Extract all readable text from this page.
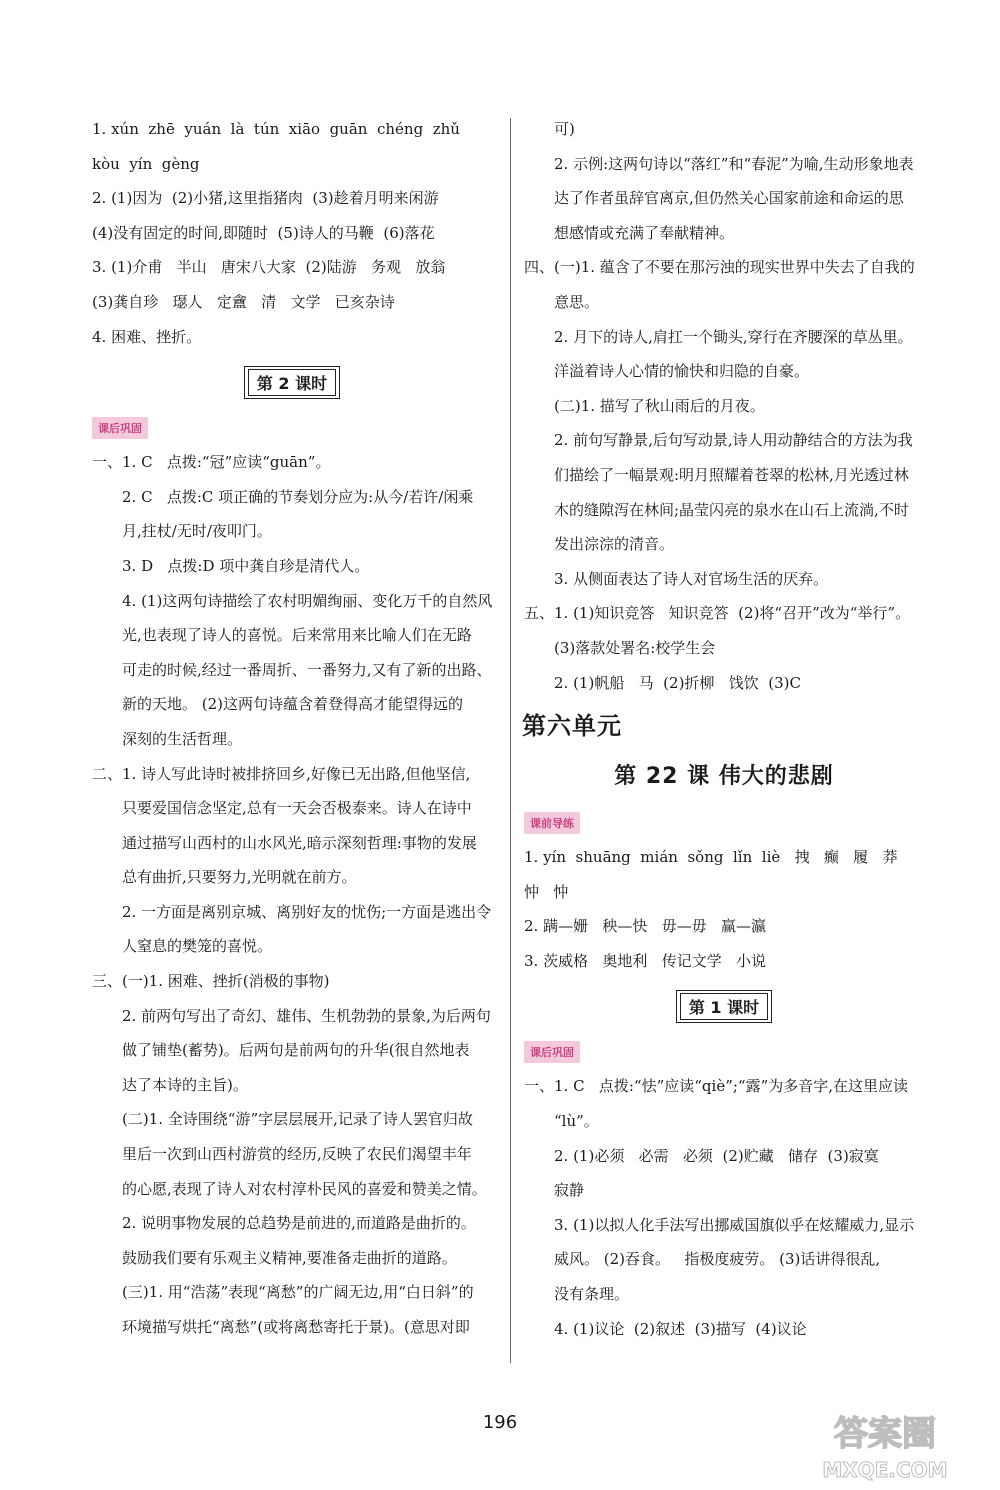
1. xún  zhē  yuán  là  tún  xiāo  guān  chéng  zhǔ
kòu  yín  gèng
2. (1)因为  (2)小猪,这里指猪肉  (3)趁着月明来闲游
(4)没有固定的时间,即随时  (5)诗人的马鞭  (6)落花
3. (1)介甫   半山   唐宋八大家  (2)陆游   务观   放翁
(3)龚自珍   璱人   定盦   清   文学   已亥杂诗
4. 困难、挫折。
第 2 课时
课后巩固
一、1. C   点拨:“冠”应读“guān”。
2. C   点拨:C 项正确的节奏划分应为:从今/若许/闲乘
月,拄杖/无时/夜叩门。
3. D   点拨:D 项中龚自珍是清代人。
4. (1)这两句诗描绘了农村明媚绚丽、变化万千的自然风
光,也表现了诗人的喜悦。后来常用来比喻人们在无路
可走的时候,经过一番周折、一番努力,又有了新的出路、
新的天地。 (2)这两句诗蕴含着登得高才能望得远的
深刻的生活哲理。
二、1. 诗人写此诗时被排挤回乡,好像已无出路,但他坚信,
只要爱国信念坚定,总有一天会否极泰来。诗人在诗中
通过描写山西村的山水风光,暗示深刻哲理:事物的发展
总有曲折,只要努力,光明就在前方。
2. 一方面是离别京城、离别好友的忧伤;一方面是逃出令
人窒息的樊笼的喜悦。
三、(一)1. 困难、挫折(消极的事物)
2. 前两句写出了奇幻、雄伟、生机勃勃的景象,为后两句
做了铺垫(蓄势)。后两句是前两句的升华(很自然地表
达了本诗的主旨)。
(二)1. 全诗围绕“游”字层层展开,记录了诗人罢官归故
里后一次到山西村游赏的经历,反映了农民们渴望丰年
的心愿,表现了诗人对农村淳朴民风的喜爱和赞美之情。
2. 说明事物发展的总趋势是前进的,而道路是曲折的。
鼓励我们要有乐观主义精神,要准备走曲折的道路。
(三)1. 用“浩荡”表现“离愁”的广阔无边,用“白日斜”的
环境描写烘托“离愁”(或将离愁寄托于景)。(意思对即
可)
2. 示例:这两句诗以“落红”和“春泥”为喻,生动形象地表
达了作者虽辞官离京,但仍然关心国家前途和命运的思
想感情或充满了奉献精神。
四、(一)1. 蕴含了不要在那污浊的现实世界中失去了自我的
意思。
2. 月下的诗人,肩扛一个锄头,穿行在齐腰深的草丛里。
洋溢着诗人心情的愉快和归隐的自豪。
(二)1. 描写了秋山雨后的月夜。
2. 前句写静景,后句写动景,诗人用动静结合的方法为我
们描绘了一幅景观:明月照耀着苍翠的松林,月光透过林
木的缝隙泻在林间;晶莹闪亮的泉水在山石上流淌,不时
发出淙淙的清音。
3. 从侧面表达了诗人对官场生活的厌弃。
五、1. (1)知识竞答   知识竞答  (2)将“召开”改为“举行”。
(3)落款处署名:校学生会
2. (1)帆船   马  (2)折柳   饯饮  (3)C
第六单元
第 22 课 伟大的悲剧
课前导练
1. yín  shuāng  mián  sǒng  lǐn  liè   拽   癫   履   莽
忡   忡
2. 蹒—姗   秧—快   毋—毋   赢—瀛
3. 茨威格   奥地利   传记文学   小说
第 1 课时
课后巩固
一、1. C   点拨:“怯”应读“qiè”;“露”为多音字,在这里应读
“lù”。
2. (1)必须   必需   必须  (2)贮藏   储存  (3)寂寞
寂静
3. (1)以拟人化手法写出挪威国旗似乎在炫耀威力,显示
威风。 (2)吞食。   指极度疲劳。 (3)话讲得很乱,
没有条理。
4. (1)议论  (2)叙述  (3)描写  (4)议论
196	答案圈
MXQE.COM
